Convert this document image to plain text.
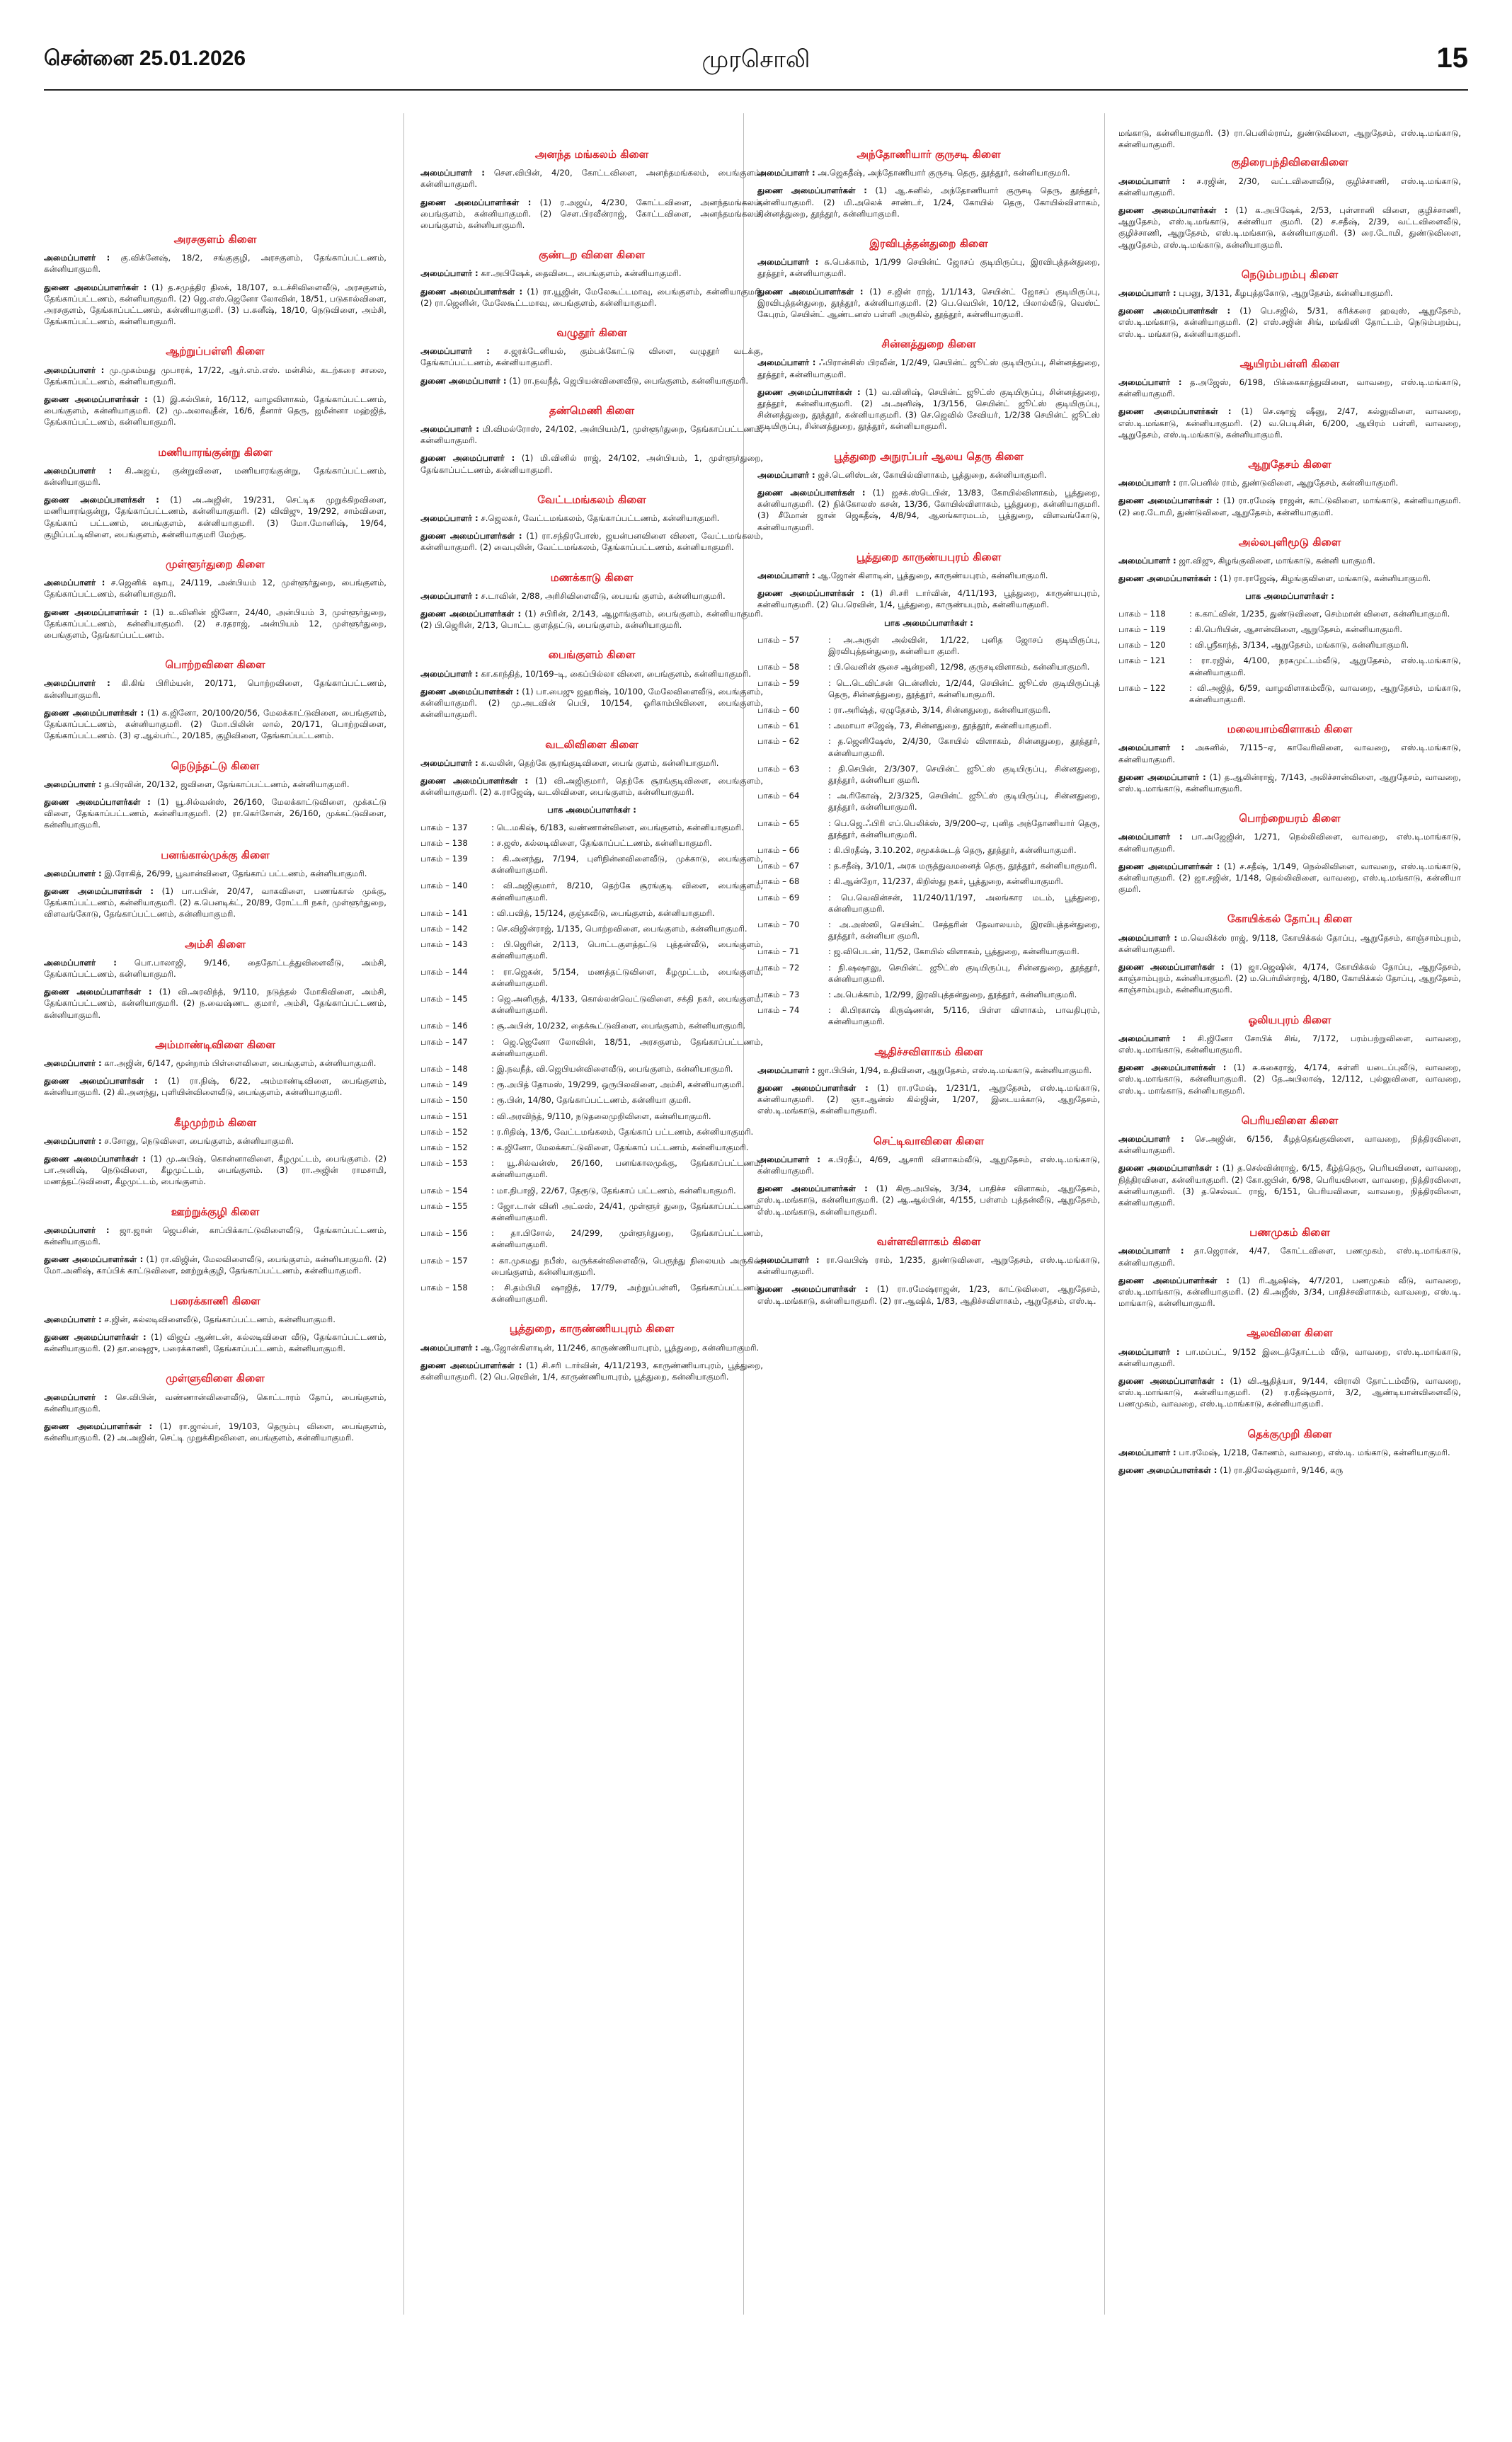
சென்னை 25.01.2026	முரசொலி	15
அரசகுளம் கிளை
அமைப்பாளர் : கு.விக்னேஷ், 18/2, சங்குகுழி, அரசகுளம், தேங்காப்பட்டணம், கன்னியாகுமரி.
துணை அமைப்பாளர்கள் : (1) த.சமுத்திர திலக், 18/107, உடச்சிவிளைவீடு, அரசகுளம், தேங்காப்பட்டணம், கன்னியாகுமரி. (2) ஜெ.எஸ்.ஜெனோ லோவின், 18/51, படுகால்விளை, அரசகுளம், தேங்காப்பட்டணம், கன்னியாகுமரி. (3) ப.சுனீஷ், 18/10, நெடுவிளை, அம்சி, தேங்காப்பட்டணம், கன்னியாகுமரி.
ஆற்றுப்பள்ளி கிளை
அமைப்பாளர் : மு.முகம்மது முபாரக், 17/22, ஆர்.எம்.எஸ். மன்சில், கடற்கரை சாலை, தேங்காப்பட்டணம், கன்னியாகுமரி.
துணை அமைப்பாளர்கள் : (1) இ.சுல்பிகர், 16/112, வாழவிளாகம், தேங்காப்பட்டணம், பைங்குளம், கன்னியாகுமரி. (2) மு.அலாவுதீன், 16/6, தீனார் தெரு, ஜமீன்னா மஹ்ஜித், தேங்காப்பட்டணம், கன்னியாகுமரி.
மணியாரங்குன்று கிளை
அமைப்பாளர் : கி.அஜய், குன்றுவிளை, மணியாரங்குன்று, தேங்காப்பட்டணம், கன்னியாகுமரி.
துணை அமைப்பாளர்கள் : (1) அ.அஜின், 19/231, செட்டிக முறுக்கிறவிளை, மணியாரங்குன்று, தேங்காப்பட்டணம், கன்னியாகுமரி. (2) விவிஜு, 19/292, சாம்விளை, தேங்காப் பட்டணம், பைங்குளம், கன்னியாகுமரி. (3) மோ.மோனிஷ், 19/64, குழிப்பட்டிவிளை, பைங்குளம், கன்னியாகுமரி மேற்கு.
முள்ளூர்துறை கிளை
அமைப்பாளர் : ச.ஜெனிக் ஷாபு, 24/119, அன்பியம் 12, முள்ளூர்துறை, பைங்குளம், தேங்காப்பட்டணம், கன்னியாகுமரி.
துணை அமைப்பாளர்கள் : (1) உ.வினின் ஜினோ, 24/40, அன்பியம் 3, முள்ளூர்துறை, தேங்காப்பட்டணம், கன்னியாகுமரி. (2) ச.ரதராஜ், அன்பியம் 12, முள்ளூர்துறை, பைங்குளம், தேங்காப்பட்டணம்.
பொற்றவிளை கிளை
அமைப்பாளர் : கி.கிங் பிரிம்யன், 20/171, பொற்றவிளை, தேங்காப்பட்டணம், கன்னியாகுமரி.
துணை அமைப்பாளர்கள் : (1) க.ஜினோ, 20/100/20/56, மேலக்காட்டுவிளை, பைங்குளம், தேங்காப்பட்டணம், கன்னியாகுமரி. (2) மோ.பிலின் லால், 20/171, பொற்றவிளை, தேங்காப்பட்டணம். (3) ஏ.ஆல்பர்ட், 20/185, குழிவிளை, தேங்காப்பட்டணம்.
நெடுந்தட்டு கிளை
அமைப்பாளர் : த.பிரவின், 20/132, ஜவிளை, தேங்காப்பட்டணம், கன்னியாகுமரி.
துணை அமைப்பாளர்கள் : (1) யூ.சில்வன்ஸ், 26/160, மேலக்காட்டுவிளை, முக்கட்டு விளை, தேங்காப்பட்டணம், கன்னியாகுமரி. (2) ரா.கெர்சோன், 26/160, முக்கட்டுவிளை, கன்னியாகுமரி.
பனங்கால்முக்கு கிளை
அமைப்பாளர் : இ.ரோகித், 26/99, பூவான்விளை, தேங்காப் பட்டணம், கன்னியாகுமரி.
துணை அமைப்பாளர்கள் : (1) பா.பபின், 20/47, வாகவிளை, பணங்கால் முக்கு, தேங்காப்பட்டணம், கன்னியாகுமரி. (2) க.பெனடிக்ட், 20/89, ரோட்டரி நகர், முள்ளூர்துறை, விளவங்கோடு, தேங்காப்பட்டணம், கன்னியாகுமரி.
அம்சி கிளை
அமைப்பாளர் : பொ.பாலாஜி, 9/146, தைதோட்டத்துவிளைவீடு, அம்சி, தேங்காப்பட்டணம், கன்னியாகுமரி.
துணை அமைப்பாளர்கள் : (1) வி.அரவிந்த், 9/110, நடுத்தல் மோகிவிளை, அம்சி, தேங்காப்பட்டணம், கன்னியாகுமரி. (2) ந.வைஷ்ணட குமார், அம்சி, தேங்காப்பட்டணம், கன்னியாகுமரி.
அம்மாண்டிவிளை கிளை
அமைப்பாளர் : கா.அஜின், 6/147, மூன்றாம் பிள்ளைவிளை, பைங்குளம், கன்னியாகுமரி.
துணை அமைப்பாளர்கள் : (1) ரா.நிஷ், 6/22, அம்மாண்டிவிளை, பைங்குளம், கன்னியாகுமரி. (2) கி.அனந்து, புளியின்விளைவீடு, பைங்குளம், கன்னியாகுமரி.
கீழமுற்றம் கிளை
அமைப்பாளர் : ச.சோனு, நெடுவிளை, பைங்குளம், கன்னியாகுமரி.
துணை அமைப்பாளர்கள் : (1) மு.அபிஷ், கொன்னாவிளை, கீழமுட்டம், பைங்குளம். (2) பா.அனிஷ், நெடுவிளை, கீழமுட்டம், பைங்குளம். (3) ரா.அஜின் ராமசாமி, மணத்தட்டுவிளை, கீழமுட்டம், பைங்குளம்.
ஊற்றுக்குழி கிளை
அமைப்பாளர் : ஜா.ஜான் ஜெபசின், காப்பிக்காட்டுவிளைவீடு, தேங்காப்பட்டணம், கன்னியாகுமரி.
துணை அமைப்பாளர்கள் : (1) ரா.விஜின், மேலவிளைவீடு, பைங்குளம், கன்னியாகுமரி. (2) மோ.அனிஷ், காப்பிக் காட்டுவிளை, ஊற்றுக்குழி, தேங்காப்பட்டணம், கன்னியாகுமரி.
பரைக்காணி கிளை
அமைப்பாளர் : ச.ஜின், கல்லடிவிளைவீடு, தேங்காப்பட்டணம், கன்னியாகுமரி.
துணை அமைப்பாளர்கள் : (1) விஜய் ஆண்டன், கல்லடிவிளை வீடு, தேங்காப்பட்டணம், கன்னியாகுமரி. (2) தா.ஷைஜு, பரைக்காணி, தேங்காப்பட்டணம், கன்னியாகுமரி.
முள்ளுவிளை கிளை
அமைப்பாளர் : செ.விபின், வண்ணான்விளைவீடு, கொட்டாரம் தோப், பைங்குளம், கன்னியாகுமரி.
துணை அமைப்பாளர்கள் : (1) ரா.ஜால்பர், 19/103, தெரும்பு விளை, பைங்குளம், கன்னியாகுமரி. (2) அ.அஜின், செட்டி முறுக்கிறவிளை, பைங்குளம், கன்னியாகுமரி.
அனந்த மங்கலம் கிளை
அமைப்பாளர் : சௌ.விபின், 4/20, கோட்டவிளை, அனந்தமங்கலம், பைங்குளம், கன்னியாகுமரி.
துணை அமைப்பாளர்கள் : (1) ர.அஜய், 4/230, கோட்டவிளை, அனந்தமங்கலம், பைங்குளம், கன்னியாகுமரி. (2) சௌ.பிரவீன்ராஜ், கோட்டவிளை, அனந்தமங்கலம், பைங்குளம், கன்னியாகுமரி.
குண்டற விளை கிளை
அமைப்பாளர் : கா.அபிஷேக், தைவிடை, பைங்குளம், கன்னியாகுமரி.
துணை அமைப்பாளர்கள் : (1) ரா.யூஜின், மேலேகூட்டமாவு, பைங்குளம், கன்னியாகுமரி. (2) ரா.ஜெனின், மேலேகூட்டமாவு, பைங்குளம், கன்னியாகுமரி.
வழுதூர் கிளை
அமைப்பாளர் : ச.ஜரக்டேனியல், கும்பக்கோட்டு விளை, வழுதூர் வடக்கு, தேங்காப்பட்டணம், கன்னியாகுமரி.
துணை அமைப்பாளர் : (1) ரா.நவநீத், ஜெபியன்விளைவீடு, பைங்குளம், கன்னியாகுமரி.
தண்மெணி கிளை
அமைப்பாளர் : மி.விமல்ரோஸ், 24/102, அன்பியம்/1, முள்ளூர்துறை, தேங்காப்பட்டணம், கன்னியாகுமரி.
துணை அமைப்பாளர் : (1) மி.வினில் ராஜ், 24/102, அன்பியம், 1, முள்ளூர்துறை, தேங்காப்பட்டணம், கன்னியாகுமரி.
வேட்டமங்கலம் கிளை
அமைப்பாளர் : ச.ஜெலகர், வேட்டமங்கலம், தேங்காப்பட்டணம், கன்னியாகுமரி.
துணை அமைப்பாளர்கள் : (1) ரா.சந்திரபோஸ், ஜயன்பனவிளை விளை, வேட்டமங்கலம், கன்னியாகுமரி. (2) வைபுலின், வேட்டமங்கலம், தேங்காப்பட்டணம், கன்னியாகுமரி.
மணக்காடு கிளை
அமைப்பாளர் : ச.டாவின், 2/88, அரிசிவிளைவீடு, பையங் குளம், கன்னியாகுமரி.
துணை அமைப்பாளர்கள் : (1) சபிரின், 2/143, ஆழாங்குளம், பைங்குளம், கன்னியாகுமரி. (2) பி.ஜெரின், 2/13, பொட்ட குளத்தட்டு, பைங்குளம், கன்னியாகுமரி.
பைங்குளம் கிளை
அமைப்பாளர் : கா.காந்தித், 10/169–டி, கைப்பில்லா விளை, பைங்குளம், கன்னியாகுமரி.
துணை அமைப்பாளர்கள் : (1) பா.பைஜு ஜஹரிஷ், 10/100, மேலேவிளைவீடு, பைங்குளம், கன்னியாகுமரி. (2) மு.அடவின் பெபி, 10/154, ஓரிகாம்பிவிளை, பைங்குளம், கன்னியாகுமரி.
வடலிவிளை கிளை
அமைப்பாளர் : க.வலின், தெற்கே சூரங்குடிவிளை, பைங் குளம், கன்னியாகுமரி.
துணை அமைப்பாளர்கள் : (1) வி.அஜிகுமார், தெற்கே சூரங்குடிவிளை, பைங்குளம், கன்னியாகுமரி. (2) க.ராஜேஷ், வடலிவிளை, பைங்குளம், கன்னியாகுமரி.
பாக அமைப்பாளர்கள் :
பாகம் – 137	: டெ.மகிஷ், 6/183, வண்ணான்விளை, பைங்குளம், கன்னியாகுமரி.
பாகம் – 138	: ச.ஜஸ், கல்லடிவிளை, தேங்காப்பட்டணம், கன்னியாகுமரி.
பாகம் – 139	: கி.அனந்து, 7/194, புளிநின்னவிளைவீடு, முக்காடு, பைங்குளம், கன்னியாகுமரி.
பாகம் – 140	: வி.அஜிகுமார், 8/210, தெற்கே சூரங்குடி விளை, பைங்குளம், கன்னியாகுமரி.
பாகம் – 141	: வி.பவித், 15/124, குஞ்சுவீடு, பைங்குளம், கன்னியாகுமரி.
பாகம் – 142	: செ.விஜின்ராஜ், 1/135, பொற்றவிளை, பைங்குளம், கன்னியாகுமரி.
பாகம் – 143	: பி.ஜெரின், 2/113, பொட்டகுளத்தட்டு புத்தன்வீடு, பைங்குளம், கன்னியாகுமரி.
பாகம் – 144	: ரா.ஜெகன், 5/154, மணத்தட்டுவிளை, கீழமுட்டம், பைங்குளம், கன்னியாகுமரி.
பாகம் – 145	: ஜெ.அனிருத், 4/133, கொல்லன்வெட்டுவிளை, சக்தி நகர், பைங்குளம், கன்னியாகுமரி.
பாகம் – 146	: சூ.அபின், 10/232, தைக்கூட்டுவிளை, பைங்குளம், கன்னியாகுமரி.
பாகம் – 147	: ஜெ.ஜெனோ லோவின், 18/51, அரசகுளம், தேங்காப்பட்டணம், கன்னியாகுமரி.
பாகம் – 148	: இ.நவநீத், வி.ஜெபியன்விளைவீடு, பைங்குளம், கன்னியாகுமரி.
பாகம் – 149	: ரூ.அபித் தோமஸ், 19/299, ஒருபிலவிளை, அம்சி, கன்னியாகுமரி.
பாகம் – 150	: ரூ.பின், 14/80, தேங்காப்பட்டணம், கன்னியா குமரி.
பாகம் – 151	: வி.அரவிந்த், 9/110, நடுதலைமுறிவிளை, கன்னியாகுமரி.
பாகம் – 152	: ர.ரிதிஷ், 13/6, வேட்டமங்கலம், தேங்காப் பட்டணம், கன்னியாகுமரி.
பாகம் – 152	: க.ஜினோ, மேலக்காட்டுவிளை, தேங்காப் பட்டணம், கன்னியாகுமரி.
பாகம் – 153	: யூ.சில்வன்ஸ், 26/160, பனங்காலமுக்கு, தேங்காப்பட்டணம், கன்னியாகுமரி.
பாகம் – 154	: மா.நிபாஜி, 22/67, தேரூடு, தேங்காப் பட்டணம், கன்னியாகுமரி.
பாகம் – 155	: ஜோ.டான் வினி அட்லஸ், 24/41, முள்ளூர் துறை, தேங்காப்பட்டணம், கன்னியாகுமரி.
பாகம் – 156	: தா.பிசோல், 24/299, முள்ளூர்துறை, தேங்காப்பட்டணம், கன்னியாகுமரி.
பாகம் – 157	: கா.முகமது நபீஸ், வருக்கன்விளைவீடு, பெருந்து நிலையம் அருகில், பைங்குளம், கன்னியாகுமரி.
பாகம் – 158	: சி.தம்பிமி ஷாஜித், 17/79, அற்றுப்பள்ளி, தேங்காப்பட்டணம், கன்னியாகுமரி.
பூத்துறை, காருண்ணியபுரம் கிளை
அமைப்பாளர் : ஆ.ஜோன்கிளாடின், 11/246, காருண்ணியாபுரம், பூத்துறை, கன்னியாகுமரி.
துணை அமைப்பாளர்கள் : (1) சி.சரி டார்வின், 4/11/2193, காருண்ணியாபுரம், பூத்துறை, கன்னியாகுமரி. (2) பெ.ரெவின், 1/4, காருண்ணியாபுரம், பூத்துறை, கன்னியாகுமரி.
அந்தோணியார் குருசடி கிளை
அமைப்பாளர் : அ.ஜெகதீஷ், அந்தோணியார் குருசடி தெரு, தூத்தூர், கன்னியாகுமரி.
துணை அமைப்பாளர்கள் : (1) ஆ.சுனில், அந்தோணியார் குருசடி தெரு, தூத்தூர், கன்னியாகுமரி. (2) மி.அலெக் சாண்டர், 1/24, கோயில் தெரு, கோயில்விளாகம், சின்னத்துறை, தூத்தூர், கன்னியாகுமரி.
இரவிபுத்தன்துறை கிளை
அமைப்பாளர் : சு.பெக்காம், 1/1/99 செயின்ட் ஜோசப் குடியிருப்பு, இரவிபுத்தன்துறை, தூத்தூர், கன்னியாகுமரி.
துணை அமைப்பாளர்கள் : (1) ச.ஜின் ராஜ், 1/1/143, செயின்ட் ஜோசப் குடியிருப்பு, இரவிபுத்தன்துறை, தூத்தூர், கன்னியாகுமரி. (2) பெ.வெபின், 10/12, பிலால்வீடு, வெஸ்ட் கேபுரம், செயின்ட் ஆண்டனஸ் பள்ளி அருகில், தூத்தூர், கன்னியாகுமரி.
சின்னத்துறை கிளை
அமைப்பாளர் : ஃபிரான்சிஸ் பிரவீன், 1/2/49, செயின்ட் ஜூட்ஸ் குடியிருப்பு, சின்னத்துறை, தூத்தூர், கன்னியாகுமரி.
துணை அமைப்பாளர்கள் : (1) வ.வினிஷ், செயின்ட் ஜூட்ஸ் குடியிருப்பு, சின்னத்துறை, தூத்தூர், கன்னியாகுமரி. (2) அ.அனிஷ், 1/3/156, செயின்ட் ஜூட்ஸ் குடியிருப்பு, சின்னத்துறை, தூத்தூர், கன்னியாகுமரி. (3) செ.ஜெவில் சேவியர், 1/2/38 செயின்ட் ஜூட்ஸ் குடியிருப்பு, சின்னத்துறை, தூத்தூர், கன்னியாகுமரி.
பூத்துறை அநுரப்பர் ஆலய தெரு கிளை
அமைப்பாளர் : ஜச்.டெனிஸ்டன், கோயில்விளாகம், பூத்துறை, கன்னியாகுமரி.
துணை அமைப்பாளர்கள் : (1) ஜசக்.ஸ்டெபின், 13/83, கோயில்விளாகம், பூத்துறை, கன்னியாகுமரி. (2) நிக்கோலஸ் கசன், 13/36, கோயில்விளாகம், பூத்துறை, கன்னியாகுமரி. (3) சீமோன் ஜான் ஜெகதீஷ், 4/8/94, ஆலங்காரமடம், பூத்துறை, விளவங்கோடு, கன்னியாகுமரி.
பூத்துறை காருண்யபுரம் கிளை
அமைப்பாளர் : ஆ.ஜோன் கிளாடின், பூத்துறை, காருண்யபுரம், கன்னியாகுமரி.
துணை அமைப்பாளர்கள் : (1) சி.சரி டார்வின், 4/11/193, பூத்துறை, காருண்யபுரம், கன்னியாகுமரி. (2) பெ.ரெவின், 1/4, பூத்துறை, காருண்யபுரம், கன்னியாகுமரி.
பாக அமைப்பாளர்கள் :
பாகம் – 57	: அ.அருள் அல்வின், 1/1/22, புனித ஜோசப் குடியிருப்பு, இரவிபுத்தன்துறை, கன்னியா குமரி.
பாகம் – 58	: பி.வெனின் சூசை ஆன்றனி, 12/98, குருசடிவிளாகம், கன்னியாகுமரி.
பாகம் – 59	: டெ.டெவிட்சன் டென்னிஸ், 1/2/44, செயின்ட் ஜூட்ஸ் குடியிருப்புத் தெரு, சின்னத்துறை, தூத்தூர், கன்னியாகுமரி.
பாகம் – 60	: ரா.அரிஷ்த், ஏழுதேசம், 3/14, சின்னதுறை, கன்னியாகுமரி.
பாகம் – 61	: அமாயா சஜேஷ், 73, சின்னதுறை, தூத்தூர், கன்னியாகுமரி.
பாகம் – 62	: த.ஜெனிஷேஸ், 2/4/30, கோயில் விளாகம், சின்னதுறை, தூத்தூர், கன்னியாகுமரி.
பாகம் – 63	: தி.செபின், 2/3/307, செயின்ட் ஜூட்ஸ் குடியிருப்பு, சின்னதுறை, தூத்தூர், கன்னியா குமரி.
பாகம் – 64	: அ.ரிகோஷ், 2/3/325, செயின்ட் ஜூட்ஸ் குடியிருப்பு, சின்னதுறை, தூத்தூர், கன்னியாகுமரி.
பாகம் – 65	: பெ.ஜெ.ஃபிரி எப்.பெலிக்ஸ், 3/9/200–ஏ, புனித அந்தோணியார் தெரு, தூத்தூர், கன்னியாகுமரி.
பாகம் – 66	: கி.பிரதீஷ், 3.10.202, சமூகக்கூடத் தெரு, தூத்தூர், கன்னியாகுமரி.
பாகம் – 67	: த.சதீஷ், 3/10/1, அரசு மருத்துவமனைத் தெரு, தூத்தூர், கன்னியாகுமரி.
பாகம் – 68	: கி.ஆன்றோ, 11/237, கிறிஸ்து நகர், பூத்துறை, கன்னியாகுமரி.
பாகம் – 69	: பெ.வெவின்சன், 11/240/11/197, அலங்கார மடம், பூத்துறை, கன்னியாகுமரி.
பாகம் – 70	: அ.அஸ்ஸி, செயின்ட் சேத்தரின் தேவாலயம், இரவிபுத்தன்துறை, தூத்தூர், கன்னியா குமரி.
பாகம் – 71	: ஜ.விபெடன், 11/52, கோயில் விளாகம், பூத்துறை, கன்னியாகுமரி.
பாகம் – 72	: நி.ஷஷாலு, செயின்ட் ஜூட்ஸ் குடியிருப்பு, சின்னதுறை, தூத்தூர், கன்னியாகுமரி.
பாகம் – 73	: அ.பெக்காம், 1/2/99, இரவிபுத்தன்துறை, தூத்தூர், கன்னியாகுமரி.
பாகம் – 74	: கி.பிரகாஷ் கிருஷ்ணன், 5/116, பிள்ள விளாகம், பாவதிபுரம், கன்னியாகுமரி.
ஆதிச்சவிளாகம் கிளை
அமைப்பாளர் : ஜா.பிபின், 1/94, உதிவிளை, ஆறுதேசம், எஸ்.டி.மங்காடு, கன்னியாகுமரி.
துணை அமைப்பாளர்கள் : (1) ரா.ரமேஷ், 1/231/1, ஆறுதேசம், எஸ்.டி.மங்காடு, கன்னியாகுமரி. (2) ஞா.ஆன்ஸ் கில்ஜின், 1/207, இடையக்காடு, ஆறுதேசம், எஸ்.டி.மங்காடு, கன்னியாகுமரி.
செட்டிவாவிளை கிளை
அமைப்பாளர் : க.பிரதீப், 4/69, ஆசாரி விளாகம்வீடு, ஆறுதேசம், எஸ்.டி.மங்காடு, கன்னியாகுமரி.
துணை அமைப்பாளர்கள் : (1) கிரூ.அபிஷ், 3/34, பாதிச்ச விளாகம், ஆறுதேசம், எஸ்.டி.மங்காடு, கன்னியாகுமரி. (2) ஆ.ஆல்பின், 4/155, பள்ளம் புத்தன்வீடு, ஆறுதேசம், எஸ்.டி.மங்காடு, கன்னியாகுமரி.
வள்ளவிளாகம் கிளை
அமைப்பாளர் : ரா.வெபிஷ் ராம், 1/235, துண்டுவிளை, ஆறுதேசம், எஸ்.டி.மங்காடு, கன்னியாகுமரி.
துணை அமைப்பாளர்கள் : (1) ரா.ரமேஷ்ராஜன், 1/23, காட்டுவிளை, ஆறுதேசம், எஸ்.டி.மங்காடு, கன்னியாகுமரி. (2) ரா.ஆஷிக், 1/83, ஆதிச்சவிளாகம், ஆறுதேசம், எஸ்.டி.
மங்காடு, கன்னியாகுமரி. (3) ரா.பெனில்ராய், துண்டுவிளை, ஆறுதேசம், எஸ்.டி.மங்காடு, கன்னியாகுமரி.
குதிரைபந்திவிளைகிளை
அமைப்பாளர் : ச.ரஜின், 2/30, வட்டவிளைவீடு, குழிச்சாணி, எஸ்.டி.மங்காடு, கன்னியாகுமரி.
துணை அமைப்பாளர்கள் : (1) க.அபிஷேக், 2/53, புள்ளானி விளை, குழிச்சாணி, ஆறுதேசம், எஸ்.டி.மங்காடு, கன்னியா குமரி. (2) ச.சதீஷ், 2/39, வட்டவிளைவீடு, குழிச்சாணி, ஆறுதேசம், எஸ்.டி.மங்காடு, கன்னியாகுமரி. (3) ரை.டோமி, துண்டுவிளை, ஆறுதேசம், எஸ்.டி.மங்காடு, கன்னியாகுமரி.
நெடும்பறம்பு கிளை
அமைப்பாளர் : புபனு, 3/131, கீழபுத்தகோடு, ஆறுதேசம், கன்னியாகுமரி.
துணை அமைப்பாளர்கள் : (1) பெ.சஜில், 5/31, கரிக்கரை ஹவுஸ், ஆறுதேசம், எஸ்.டி.மங்காடு, கன்னியாகுமரி. (2) எஸ்.சஜின் சிங், மங்கினி தோட்டம், நெடும்பறம்பு, எஸ்.டி. மங்காடு, கன்னியாகுமரி.
ஆயிரம்பள்ளி கிளை
அமைப்பாளர் : த.அஜேஸ், 6/198, பிக்கைகாத்துவிளை, வாவறை, எஸ்.டி.மங்காடு, கன்னியாகுமரி.
துணை அமைப்பாளர்கள் : (1) செ.ஷாஜ் ஷீனு, 2/47, கல்லுவிளை, வாவறை, எஸ்.டி.மங்காடு, கன்னியாகுமரி. (2) வ.பெடிசின், 6/200, ஆயிரம் பள்ளி, வாவறை, ஆறுதேசம், எஸ்.டி.மங்காடு, கன்னியாகுமரி.
ஆறுதேசம் கிளை
அமைப்பாளர் : ரா.பெனில் ராம், துண்டுவிளை, ஆறுதேசம், கன்னியாகுமரி.
துணை அமைப்பாளர்கள் : (1) ரா.ரமேஷ் ராஜன், காட்டுவிளை, மாங்காடு, கன்னியாகுமரி. (2) ரை.டோமி, துண்டுவிளை, ஆறுதேசம், கன்னியாகுமரி.
அல்லபுளிமூடு கிளை
அமைப்பாளர் : ஜா.விஜு, கிழங்குவிளை, மாங்காடு, கன்னி யாகுமரி.
துணை அமைப்பாளர்கள் : (1) ரா.ராஜேஷ், கிழங்குவிளை, மங்காடு, கன்னியாகுமரி.
பாக அமைப்பாளர்கள் :
பாகம் – 118	: க.காட்வின், 1/235, துண்டுவிளை, செம்மான் விளை, கன்னியாகுமரி.
பாகம் – 119	: கி.பெரியின், ஆசான்விளை, ஆறுதேசம், கன்னியாகுமரி.
பாகம் – 120	: வி.ஸ்ரீகாந்த், 3/134, ஆறுதேசம், மங்காடு, கன்னியாகுமரி.
பாகம் – 121	: ரா.ரஜில், 4/100, நரகமுட்டம்வீடு, ஆறுதேசம், எஸ்.டி.மங்காடு, கன்னியாகுமரி.
பாகம் – 122	: வி.அஜித், 6/59, வாழவிளாகம்வீடு, வாவறை, ஆறுதேசம், மங்காடு, கன்னியாகுமரி.
மலையாம்விளாகம் கிளை
அமைப்பாளர் : அசுனில், 7/115–ஏ, காவேரிவிளை, வாவறை, எஸ்.டி.மங்காடு, கன்னியாகுமரி.
துணை அமைப்பாளர் : (1) த.ஆலின்ராஜ், 7/143, அலிச்சான்விளை, ஆறுதேசம், வாவறை, எஸ்.டி.மாங்காடு, கன்னியாகுமரி.
பொற்றையரம் கிளை
அமைப்பாளர் : பா.அஜேஜின், 1/271, நெல்லிவிளை, வாவறை, எஸ்.டி.மாங்காடு, கன்னியாகுமரி.
துணை அமைப்பாளர்கள் : (1) ச.சதீஷ், 1/149, நெல்லிவிளை, வாவறை, எஸ்.டி.மங்காடு, கன்னியாகுமரி. (2) ஜா.சஜின், 1/148, நெல்லிவிளை, வாவறை, எஸ்.டி.மங்காடு, கன்னியா குமரி.
கோயிக்கல் தோப்பு கிளை
அமைப்பாளர் : ம.வெலிக்ஸ் ராஜ், 9/118, கோயிக்கல் தோப்பு, ஆறுதேசம், காஞ்சாம்புறம், கன்னியாகுமரி.
துணை அமைப்பாளர்கள் : (1) ஜா.ஜெஷின், 4/174, கோயிக்கல் தோப்பு, ஆறுதேசம், காஞ்சாம்புறம், கன்னியாகுமரி. (2) ம.பெர்மின்ராஜ், 4/180, கோயிக்கல் தோப்பு, ஆறுதேசம், காஞ்சாம்புறம், கன்னியாகுமரி.
ஓலியபுரம் கிளை
அமைப்பாளர் : சி.ஜினோ சோபிக் சிங், 7/172, பரம்பற்றுவிளை, வாவறை, எஸ்.டி.மாங்காடு, கன்னியாகுமரி.
துணை அமைப்பாளர்கள் : (1) சு.சுகைராஜ், 4/174, சுள்ளி யடைப்புவீடு, வாவறை, எஸ்.டி.மாங்காடு, கன்னியாகுமரி. (2) தே.அபிலாஷ், 12/112, புல்லுவிளை, வாவறை, எஸ்.டி. மாங்காடு, கன்னியாகுமரி.
பெரியவிளை கிளை
அமைப்பாளர் : செ.அஜின், 6/156, கீழத்தெங்குவிளை, வாவறை, நித்திரவிளை, கன்னியாகுமரி.
துணை அமைப்பாளர்கள் : (1) த.செல்வின்ராஜ், 6/15, கீழ்த்தெரு, பெரியவிளை, வாவறை, நித்திரவிளை, கன்னியாகுமரி. (2) கோ.ஜபின், 6/98, பெரியவிளை, வாவறை, நித்திரவிளை, கன்னியாகுமரி. (3) த.செல்வட் ராஜ், 6/151, பெரியவிளை, வாவறை, நித்திரவிளை, கன்னியாகுமரி.
பணமுகம் கிளை
அமைப்பாளர் : தா.ஜெரான், 4/47, கோட்டவிளை, பணமுகம், எஸ்.டி.மாங்காடு, கன்னியாகுமரி.
துணை அமைப்பாளர்கள் : (1) ரி.ஆஷிஷ், 4/7/201, பணமுகம் வீடு, வாவறை, எஸ்.டி.மாங்காடு, கன்னியாகுமரி. (2) கி.அஜீஸ், 3/34, பாதிச்சவிளாகம், வாவறை, எஸ்.டி. மாங்காடு, கன்னியாகுமரி.
ஆலவிளை கிளை
அமைப்பாளர் : பா.மப்பட், 9/152 இடைத்தோட்டம் வீடு, வாவறை, எஸ்.டி.மாங்காடு, கன்னியாகுமரி.
துணை அமைப்பாளர்கள் : (1) வி.ஆதித்யா, 9/144, விராலி தோட்டம்வீடு, வாவறை, எஸ்.டி.மாங்காடு, கன்னியாகுமரி. (2) ர.ரதீஷ்குமார், 3/2, ஆண்டியான்விளைவீடு, பணமுகம், வாவறை, எஸ்.டி.மாங்காடு, கன்னியாகுமரி.
தெக்குமுறி கிளை
அமைப்பாளர் : பா.ரமேஷ், 1/218, கோணம், வாவறை, எஸ்.டி. மங்காடு, கன்னியாகுமரி.
துணை அமைப்பாளர்கள் : (1) ரா.திலேஷ்குமார், 9/146, கரு
